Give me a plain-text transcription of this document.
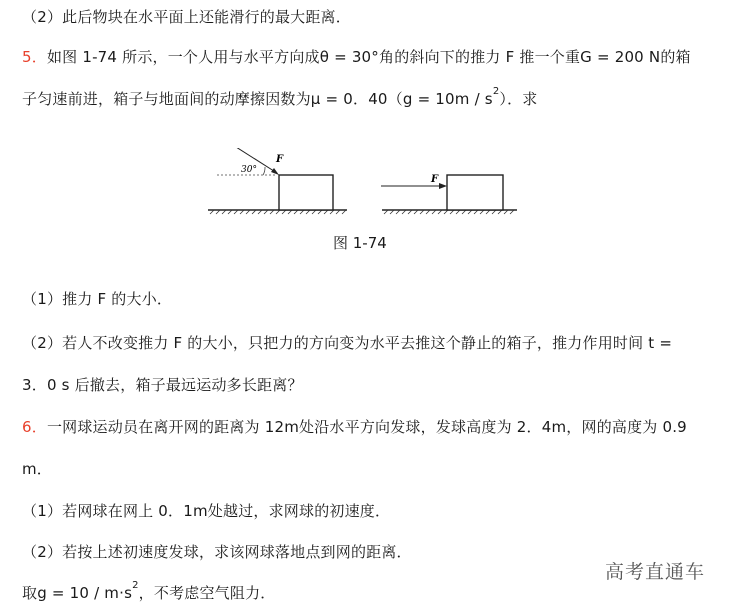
（2）此后物块在水平面上还能滑行的最大距离．
5．如图 1-74 所示，一个人用与水平方向成θ = 30°角的斜向下的推力 F 推一个重G = 200 N的箱
子匀速前进，箱子与地面间的动摩擦因数为μ = 0．$40(g = 10m / s^2)$．求
30°
F
F
图 1-74
（1）推力 F 的大小．
（2）若人不改变推力 F 的大小，只把力的方向变为水平去推这个静止的箱子，推力作用时间 t =
3．0 s 后撤去，箱子最远运动多长距离？
6．一网球运动员在离开网的距离为 12m处沿水平方向发球，发球高度为 2．4m，网的高度为 0.9
m．
（1）若网球在网上 0．1m处越过，求网球的初速度．
（2）若按上述初速度发球，求该网球落地点到网的距离．
取$g = 10 / m\cdot s^2$，不考虑空气阻力．
高考直通车
